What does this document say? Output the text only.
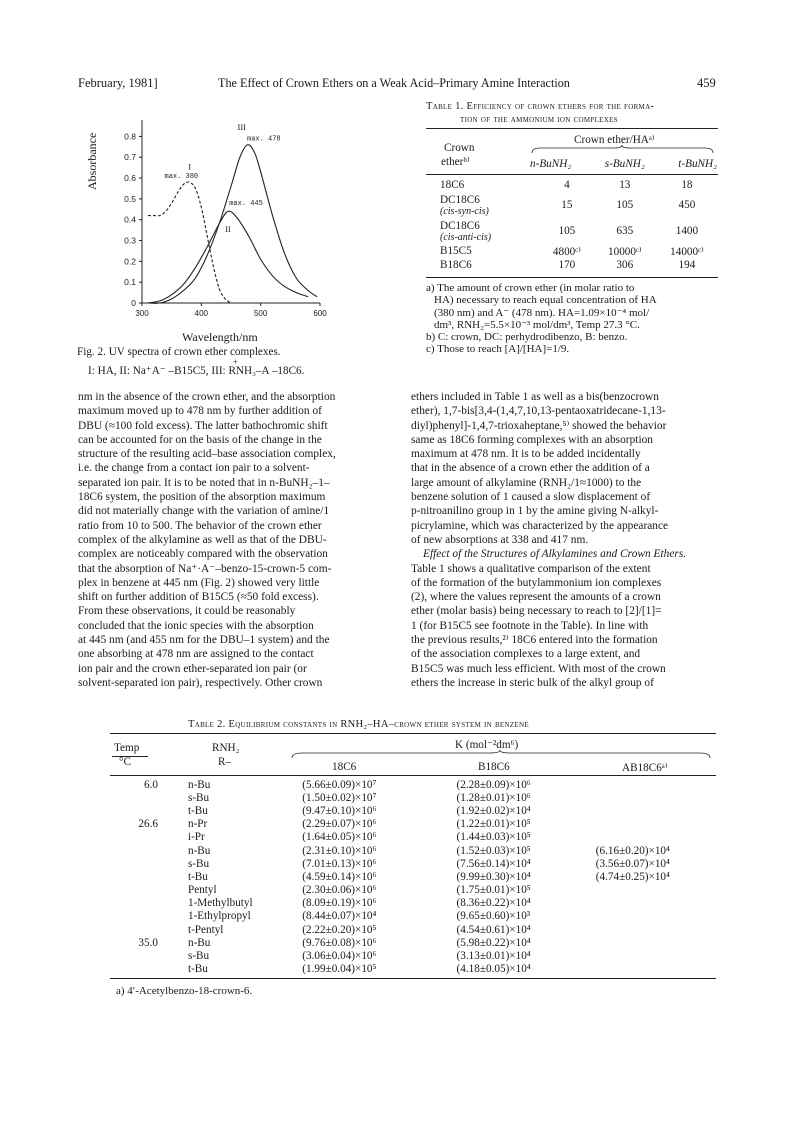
February, 1981]	The Effect of Crown Ethers on a Weak Acid–Primary Amine Interaction	459
0.8
0.7
0.6
0.5
0.4
0.3
0.2
0.1
0
300	400	500	600
I
max. 380
II
max. 445
III
max. 478
Absorbance
Wavelength/nm
Fig. 2. UV spectra of crown ether complexes.
I: HA, II: Na⁺A⁻ –B15C5, III: RNH₃–A –18C6.
+
Table 1. Efficiency of crown ethers for the forma-
tion of the ammonium ion complexes
Crown
etherᵇ⁾
Crown ether/HAᵃ⁾
n-BuNH₂	s-BuNH₂	t-BuNH₂
18C6	4	13	18

DC18C6
(cis-syn-cis)	15	105	450

DC18C6
(cis-anti-cis)	105	635	1400

B15C5	4800ᶜ⁾	10000ᶜ⁾	14000ᶜ⁾

B18C6	170	306	194
a) The amount of crown ether (in molar ratio to
HA) necessary to reach equal concentration of HA
(380 nm) and A⁻ (478 nm). HA=1.09×10⁻⁴ mol/
dm³, RNH₂=5.5×10⁻³ mol/dm³, Temp 27.3 °C.
b) C: crown, DC: perhydrodibenzo, B: benzo.
c) Those to reach [A]/[HA]=1/9.
nm in the absence of the crown ether, and the absorption
maximum moved up to 478 nm by further addition of
DBU (≈100 fold excess). The latter bathochromic shift
can be accounted for on the basis of the change in the
structure of the resulting acid–base association complex,
i.e. the change from a contact ion pair to a solvent-
separated ion pair. It is to be noted that in n-BuNH₂–1–
18C6 system, the position of the absorption maximum
did not materially change with the variation of amine/1
ratio from 10 to 500. The behavior of the crown ether
complex of the alkylamine as well as that of the DBU-
complex are noticeably compared with the observation
that the absorption of Na⁺·A⁻–benzo-15-crown-5 com-
plex in benzene at 445 nm (Fig. 2) showed very little
shift on further addition of B15C5 (≈50 fold excess).
From these observations, it could be reasonably
concluded that the ionic species with the absorption
at 445 nm (and 455 nm for the DBU–1 system) and the
one absorbing at 478 nm are assigned to the contact
ion pair and the crown ether-separated ion pair (or
solvent-separated ion pair), respectively. Other crown
ethers included in Table 1 as well as a bis(benzocrown
ether), 1,7-bis[3,4-(1,4,7,10,13-pentaoxatridecane-1,13-
diyl)phenyl]-1,4,7-trioxaheptane,⁵⁾ showed the behavior
same as 18C6 forming complexes with an absorption
maximum at 478 nm. It is to be added incidentally
that in the absence of a crown ether the addition of a
large amount of alkylamine (RNH₂/1≈1000) to the
benzene solution of 1 caused a slow displacement of
p-nitroanilino group in 1 by the amine giving N-alkyl-
picrylamine, which was characterized by the appearance
of new absorptions at 338 and 417 nm.
Effect of the Structures of Alkylamines and Crown Ethers.
Table 1 shows a qualitative comparison of the extent
of the formation of the butylammonium ion complexes
(2), where the values represent the amounts of a crown
ether (molar basis) being necessary to reach to [2]/[1]=
1 (for B15C5 see footnote in the Table). In line with
the previous results,²⁾ 18C6 entered into the formation
of the association complexes to a large extent, and
B15C5 was much less efficient. With most of the crown
ethers the increase in steric bulk of the alkyl group of
Table 2. Equilibrium constants in RNH₂–HA–crown ether system in benzene
Temp
°C
RNH₂
R–
K (mol⁻²dm⁶)
18C6	B18C6	AB18C6ᵃ⁾
6.0	n-Bu	(5.66±0.09)×10⁷	(2.28±0.09)×10⁶	
	s-Bu	(1.50±0.02)×10⁷	(1.28±0.01)×10⁶	
	t-Bu	(9.47±0.10)×10⁶	(1.92±0.02)×10⁴	
26.6	n-Pr	(2.29±0.07)×10⁶	(1.22±0.01)×10⁵	
	i-Pr	(1.64±0.05)×10⁶	(1.44±0.03)×10⁵	
	n-Bu	(2.31±0.10)×10⁶	(1.52±0.03)×10⁵	(6.16±0.20)×10⁴
	s-Bu	(7.01±0.13)×10⁶	(7.56±0.14)×10⁴	(3.56±0.07)×10⁴
	t-Bu	(4.59±0.14)×10⁶	(9.99±0.30)×10⁴	(4.74±0.25)×10⁴
	Pentyl	(2.30±0.06)×10⁶	(1.75±0.01)×10⁵	
	1-Methylbutyl	(8.09±0.19)×10⁶	(8.36±0.22)×10⁴	
	1-Ethylpropyl	(8.44±0.07)×10⁴	(9.65±0.60)×10³	
	t-Pentyl	(2.22±0.20)×10⁵	(4.54±0.61)×10⁴	
35.0	n-Bu	(9.76±0.08)×10⁶	(5.98±0.22)×10⁴	
	s-Bu	(3.06±0.04)×10⁶	(3.13±0.01)×10⁴	
	t-Bu	(1.99±0.04)×10⁵	(4.18±0.05)×10⁴	
a) 4′-Acetylbenzo-18-crown-6.
